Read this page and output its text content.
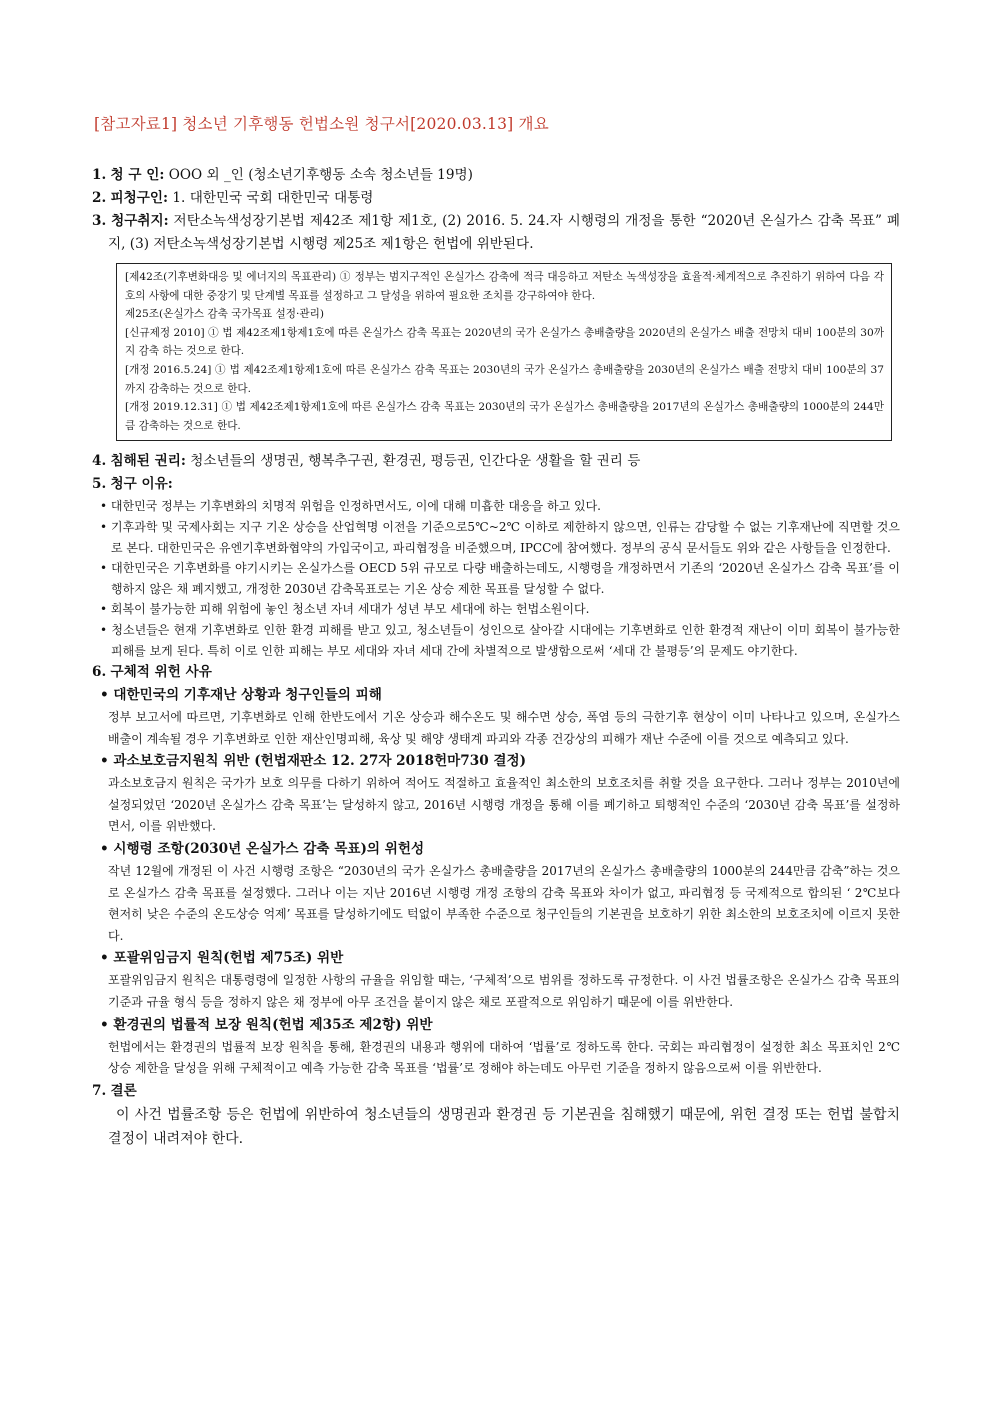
[참고자료1] 청소년 기후행동 헌법소원 청구서[2020.03.13] 개요

1. 청 구 인: OOO 외 _인 (청소년기후행동 소속 청소년들 19명)

2. 피청구인: 1. 대한민국 국회 대한민국 대통령

3. 청구취지: 저탄소녹색성장기본법 제42조 제1항 제1호, (2) 2016. 5. 24.자 시행령의 개정을 통한 “2020년 온실가스 감축 목표” 폐지, (3) 저탄소녹색성장기본법 시행령 제25조 제1항은 헌법에 위반된다.

[제42조(기후변화대응 및 에너지의 목표관리) ① 정부는 범지구적인 온실가스 감축에 적극 대응하고 저탄소 녹색성장을 효율적·체계적으로 추진하기 위하여 다음 각 호의 사항에 대한 중장기 및 단계별 목표를 설정하고 그 달성을 위하여 필요한 조치를 강구하여야 한다.

제25조(온실가스 감축 국가목표 설정·관리)

[신규제정 2010] ① 법 제42조제1항제1호에 따른 온실가스 감축 목표는 2020년의 국가 온실가스 총배출량을 2020년의 온실가스 배출 전망치 대비 100분의 30까지 감축 하는 것으로 한다.

[개정 2016.5.24] ① 법 제42조제1항제1호에 따른 온실가스 감축 목표는 2030년의 국가 온실가스 총배출량을 2030년의 온실가스 배출 전망치 대비 100분의 37까지 감축하는 것으로 한다.

[개정 2019.12.31] ① 법 제42조제1항제1호에 따른 온실가스 감축 목표는 2030년의 국가 온실가스 총배출량을 2017년의 온실가스 총배출량의 1000분의 244만큼 감축하는 것으로 한다.

4. 침해된 권리: 청소년들의 생명권, 행복추구권, 환경권, 평등권, 인간다운 생활을 할 권리 등

5. 청구 이유:

• 대한민국 정부는 기후변화의 치명적 위험을 인정하면서도, 이에 대해 미흡한 대응을 하고 있다.

• 기후과학 및 국제사회는 지구 기온 상승을 산업혁명 이전을 기준으로5℃~2℃ 이하로 제한하지 않으면, 인류는 감당할 수 없는 기후재난에 직면할 것으로 본다. 대한민국은 유엔기후변화협약의 가입국이고, 파리협정을 비준했으며, IPCC에 참여했다. 정부의 공식 문서들도 위와 같은 사항들을 인정한다.

• 대한민국은 기후변화를 야기시키는 온실가스를 OECD 5위 규모로 다량 배출하는데도, 시행령을 개정하면서 기존의 ‘2020년 온실가스 감축 목표’를 이행하지 않은 채 폐지했고, 개정한 2030년 감축목표로는 기온 상승 제한 목표를 달성할 수 없다.

• 회복이 불가능한 피해 위험에 놓인 청소년 자녀 세대가 성년 부모 세대에 하는 헌법소원이다.

• 청소년들은 현재 기후변화로 인한 환경 피해를 받고 있고, 청소년들이 성인으로 살아갈 시대에는 기후변화로 인한 환경적 재난이 이미 회복이 불가능한 피해를 보게 된다. 특히 이로 인한 피해는 부모 세대와 자녀 세대 간에 차별적으로 발생함으로써 ‘세대 간 불평등’의 문제도 야기한다.

6. 구체적 위헌 사유

• 대한민국의 기후재난 상황과 청구인들의 피해

정부 보고서에 따르면, 기후변화로 인해 한반도에서 기온 상승과 해수온도 및 해수면 상승, 폭염 등의 극한기후 현상이 이미 나타나고 있으며, 온실가스 배출이 계속될 경우 기후변화로 인한 재산인명피해, 육상 및 해양 생태계 파괴와 각종 건강상의 피해가 재난 수준에 이를 것으로 예측되고 있다.

• 과소보호금지원칙 위반 (헌법재판소 12. 27자 2018헌마730 결정)

과소보호금지 원칙은 국가가 보호 의무를 다하기 위하여 적어도 적절하고 효율적인 최소한의 보호조치를 취할 것을 요구한다. 그러나 정부는 2010년에 설정되었던 ‘2020년 온실가스 감축 목표’는 달성하지 않고, 2016년 시행령 개정을 통해 이를 폐기하고 퇴행적인 수준의 ‘2030년 감축 목표’를 설정하면서, 이를 위반했다.

• 시행령 조항(2030년 온실가스 감축 목표)의 위헌성

작년 12월에 개정된 이 사건 시행령 조항은 “2030년의 국가 온실가스 총배출량을 2017년의 온실가스 총배출량의 1000분의 244만큼 감축”하는 것으로 온실가스 감축 목표를 설정했다. 그러나 이는 지난 2016년 시행령 개정 조항의 감축 목표와 차이가 없고, 파리협정 등 국제적으로 합의된 ‘ 2℃보다 현저히 낮은 수준의 온도상승 억제’ 목표를 달성하기에도 턱없이 부족한 수준으로 청구인들의 기본권을 보호하기 위한 최소한의 보호조치에 이르지 못한다.

• 포괄위임금지 원칙(헌법 제75조) 위반

포괄위임금지 원칙은 대통령령에 일정한 사항의 규율을 위임할 때는, ‘구체적’으로 범위를 정하도록 규정한다. 이 사건 법률조항은 온실가스 감축 목표의 기준과 규율 형식 등을 정하지 않은 채 정부에 아무 조건을 붙이지 않은 채로 포괄적으로 위임하기 때문에 이를 위반한다.

• 환경권의 법률적 보장 원칙(헌법 제35조 제2항) 위반

헌법에서는 환경권의 법률적 보장 원칙을 통해, 환경권의 내용과 행위에 대하여 ‘법률’로 정하도록 한다. 국회는 파리협정이 설정한 최소 목표치인 2℃ 상승 제한을 달성을 위해 구체적이고 예측 가능한 감축 목표를 ‘법률’로 정해야 하는데도 아무런 기준을 정하지 않음으로써 이를 위반한다.

7. 결론

이 사건 법률조항 등은 헌법에 위반하여 청소년들의 생명권과 환경권 등 기본권을 침해했기 때문에, 위헌 결정 또는 헌법 불합치 결정이 내려져야 한다.
